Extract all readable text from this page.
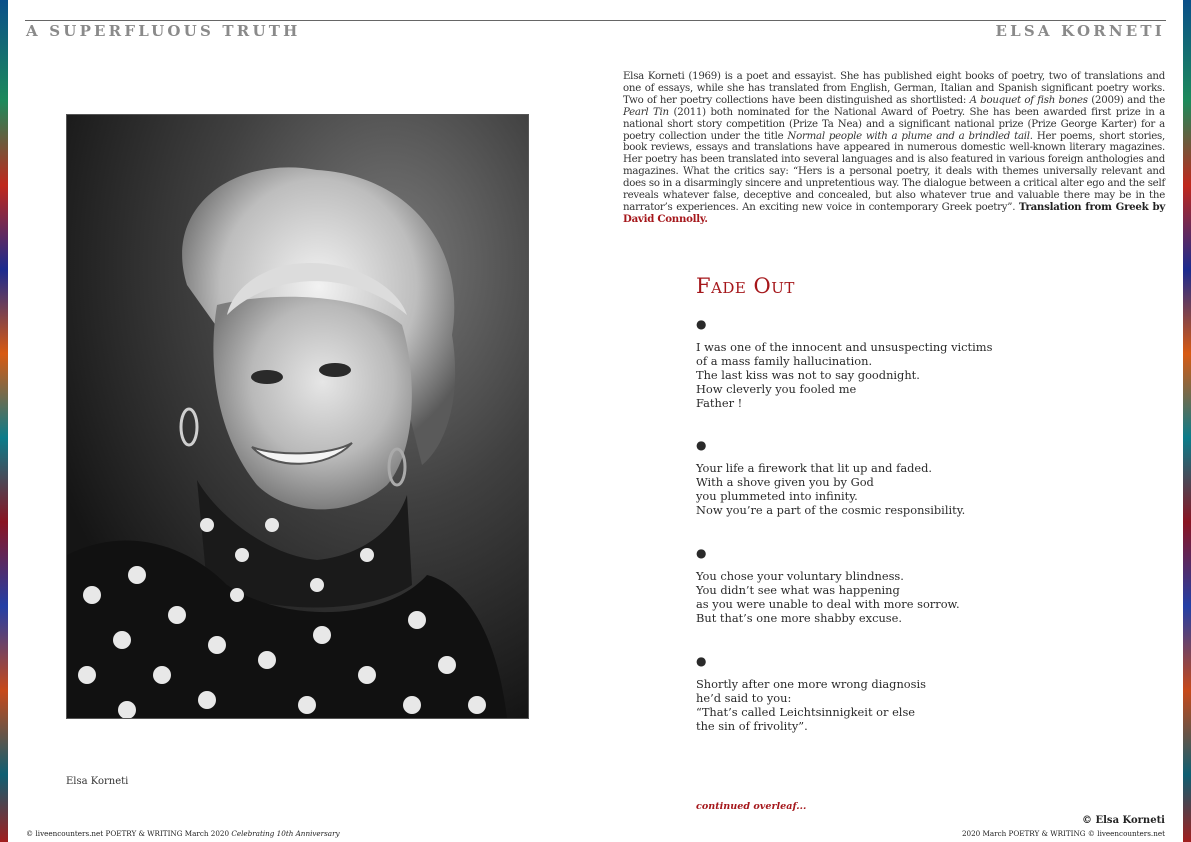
A SUPERFLUOUS TRUTH	ELSA KORNETI
Elsa Korneti
Elsa Korneti (1969) is a poet and essayist. She has published eight books of poetry, two of translations and one of essays, while she has translated from English, German, Italian and Spanish significant poetry works. Two of her poetry collections have been distinguished as shortlisted: A bouquet of fish bones (2009) and the Pearl Tin (2011) both nominated for the National Award of Poetry. She has been awarded first prize in a national short story competition (Prize Ta Nea) and a significant national prize (Prize George Karter) for a poetry collection under the title Normal people with a plume and a brindled tail. Her poems, short stories, book reviews, essays and translations have appeared in numerous domestic well-known literary magazines. Her poetry has been translated into several languages and is also featured in various foreign anthologies and magazines. What the critics say: “Hers is a personal poetry, it deals with themes universally relevant and does so in a disarmingly sincere and unpretentious way. The dialogue between a critical alter ego and the self reveals whatever false, deceptive and concealed, but also whatever true and valuable there may be in the narrator’s experiences. An exciting new voice in contemporary Greek poetry”. Translation from Greek by David Connolly.
Fade Out
●
I was one of the innocent and unsuspecting victims
of a mass family hallucination.
The last kiss was not to say goodnight.
How cleverly you fooled me
Father !
●
Your life a firework that lit up and faded.
With a shove given you by God
you plummeted into infinity.
Now you’re a part of the cosmic responsibility.
●
You chose your voluntary blindness.
You didn’t see what was happening
as you were unable to deal with more sorrow.
But that’s one more shabby excuse.
●
Shortly after one more wrong diagnosis
he’d said to you:
“That’s called Leichtsinnigkeit or else
the sin of frivolity”.
continued overleaf...
© Elsa Korneti
© liveencounters.net POETRY & WRITING March 2020 Celebrating 10th Anniversary	2020 March POETRY & WRITING © liveencounters.net
